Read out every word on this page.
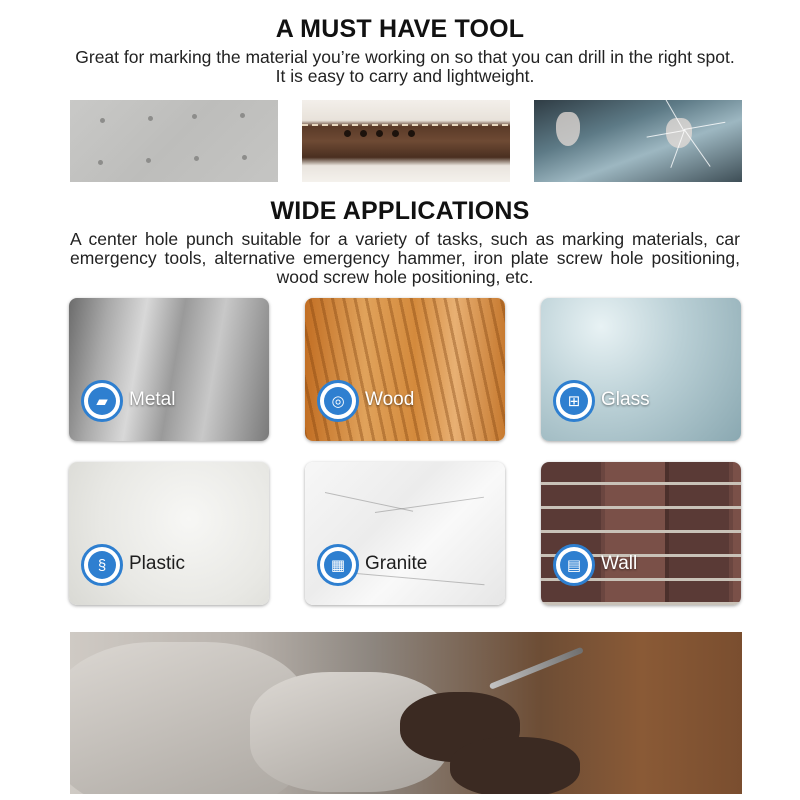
A MUST HAVE TOOL

Great for marking the material you’re working on so that you can drill in the right spot. It is easy to carry and lightweight.

WIDE APPLICATIONS

A center hole punch suitable for a variety of tasks, such as marking materials, car emergency tools, alternative emergency hammer, iron plate screw hole positioning, wood screw hole positioning, etc.

▰	Metal	◎	Wood	⊞	Glass
§	Plastic	▦	Granite	▤	Wall
